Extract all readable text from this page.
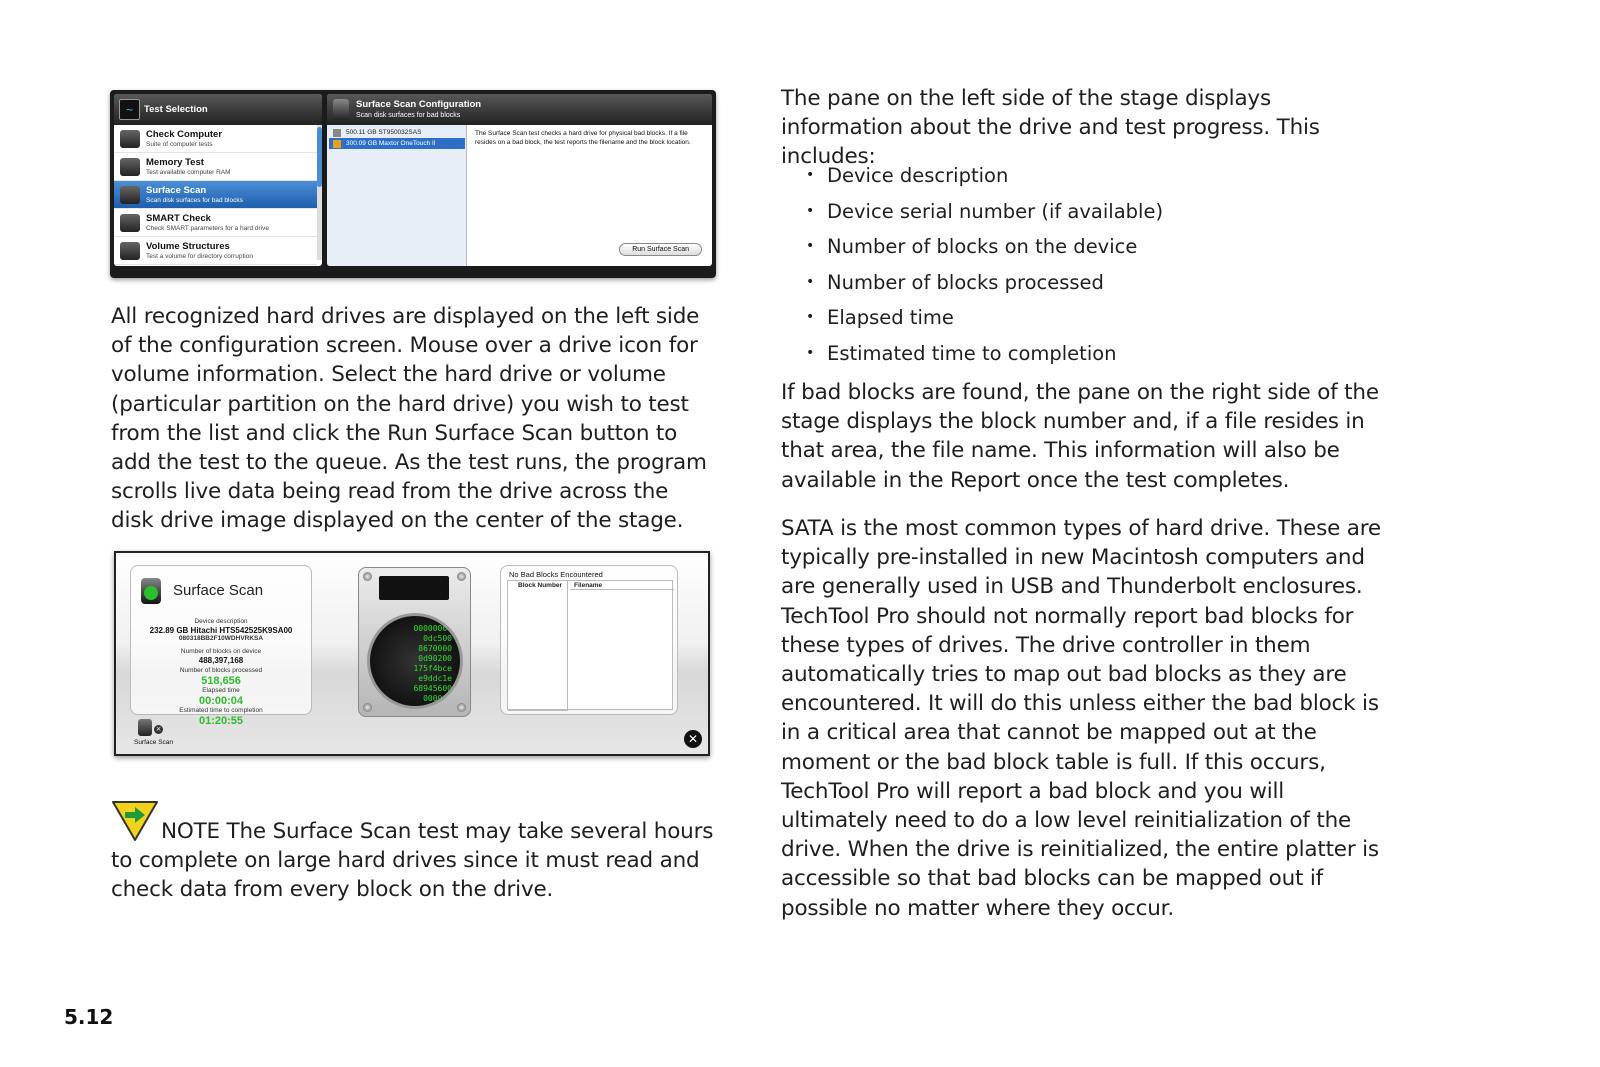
~	Test Selection
Check Computer
Suite of computer tests
Memory Test
Test available computer RAM
Surface Scan
Scan disk surfaces for bad blocks
SMART Check
Check SMART parameters for a hard drive
Volume Structures
Test a volume for directory corruption
Surface Scan Configuration
Scan disk surfaces for bad blocks
500.11 GB ST950032SAS
300.09 GB Maxtor OneTouch II
The Surface Scan test checks a hard drive for physical bad blocks. If a file resides on a bad block, the test reports the filename and the block location.
Run Surface Scan

All recognized hard drives are displayed on the left side of the configuration screen. Mouse over a drive icon for volume information. Select the hard drive or volume (particular partition on the hard drive) you wish to test from the list and click the Run Surface Scan button to add the test to the queue. As the test runs, the program scrolls live data being read from the drive across the disk drive image displayed on the center of the stage.

Surface Scan
Device description
232.89 GB Hitachi HTS542525K9SA00
080318BB2F10WDHVRKSA
Number of blocks on device
488,397,168
Number of blocks processed
518,656
Elapsed time
00:00:04
Estimated time to completion
01:20:55
00000000
0dc500
8670000
0d90200
175f4bce
e9ddc1e
68945600
000000
No Bad Blocks Encountered
Block Number	Filename
×
Surface Scan	✕

NOTE The Surface Scan test may take several hours to complete on large hard drives since it must read and check data from every block on the drive.

The pane on the left side of the stage displays information about the drive and test progress. This includes:

• Device description
• Device serial number (if available)
• Number of blocks on the device
• Number of blocks processed
• Elapsed time
• Estimated time to completion

If bad blocks are found, the pane on the right side of the stage displays the block number and, if a file resides in that area, the file name. This information will also be available in the Report once the test completes.

SATA is the most common types of hard drive. These are typically pre-installed in new Macintosh computers and are generally used in USB and Thunderbolt enclosures. TechTool Pro should not normally report bad blocks for these types of drives. The drive controller in them automatically tries to map out bad blocks as they are encountered. It will do this unless either the bad block is in a critical area that cannot be mapped out at the moment or the bad block table is full. If this occurs, TechTool Pro will report a bad block and you will ultimately need to do a low level reinitialization of the drive. When the drive is reinitialized, the entire platter is accessible so that bad blocks can be mapped out if possible no matter where they occur.

5.12
